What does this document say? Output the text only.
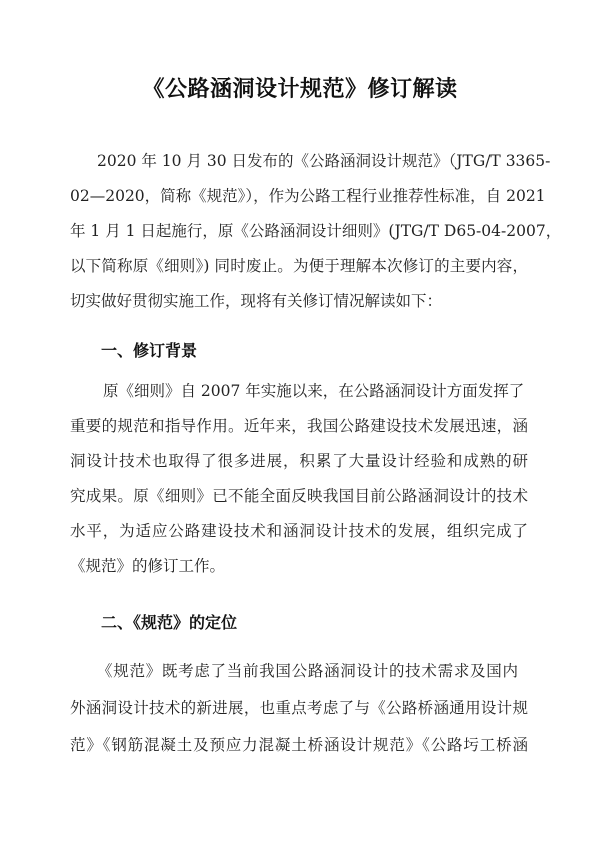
《公路涵洞设计规范》修订解读
2020 年 10 月 30 日发布的《公路涵洞设计规范》（JTG/T 3365-
02—2020，简称《规范》），作为公路工程行业推荐性标准，自 2021
年 1 月 1 日起施行，原《公路涵洞设计细则》(JTG/T D65-04-2007，
以下简称原《细则》) 同时废止。为便于理解本次修订的主要内容，
切实做好贯彻实施工作，现将有关修订情况解读如下：
一、修订背景
原《细则》自 2007 年实施以来，在公路涵洞设计方面发挥了
重要的规范和指导作用。近年来，我国公路建设技术发展迅速，涵
洞设计技术也取得了很多进展，积累了大量设计经验和成熟的研
究成果。原《细则》已不能全面反映我国目前公路涵洞设计的技术
水平，为适应公路建设技术和涵洞设计技术的发展，组织完成了
《规范》的修订工作。
二、《规范》的定位
《规范》既考虑了当前我国公路涵洞设计的技术需求及国内
外涵洞设计技术的新进展，也重点考虑了与《公路桥涵通用设计规
范》《钢筋混凝土及预应力混凝土桥涵设计规范》《公路圬工桥涵
